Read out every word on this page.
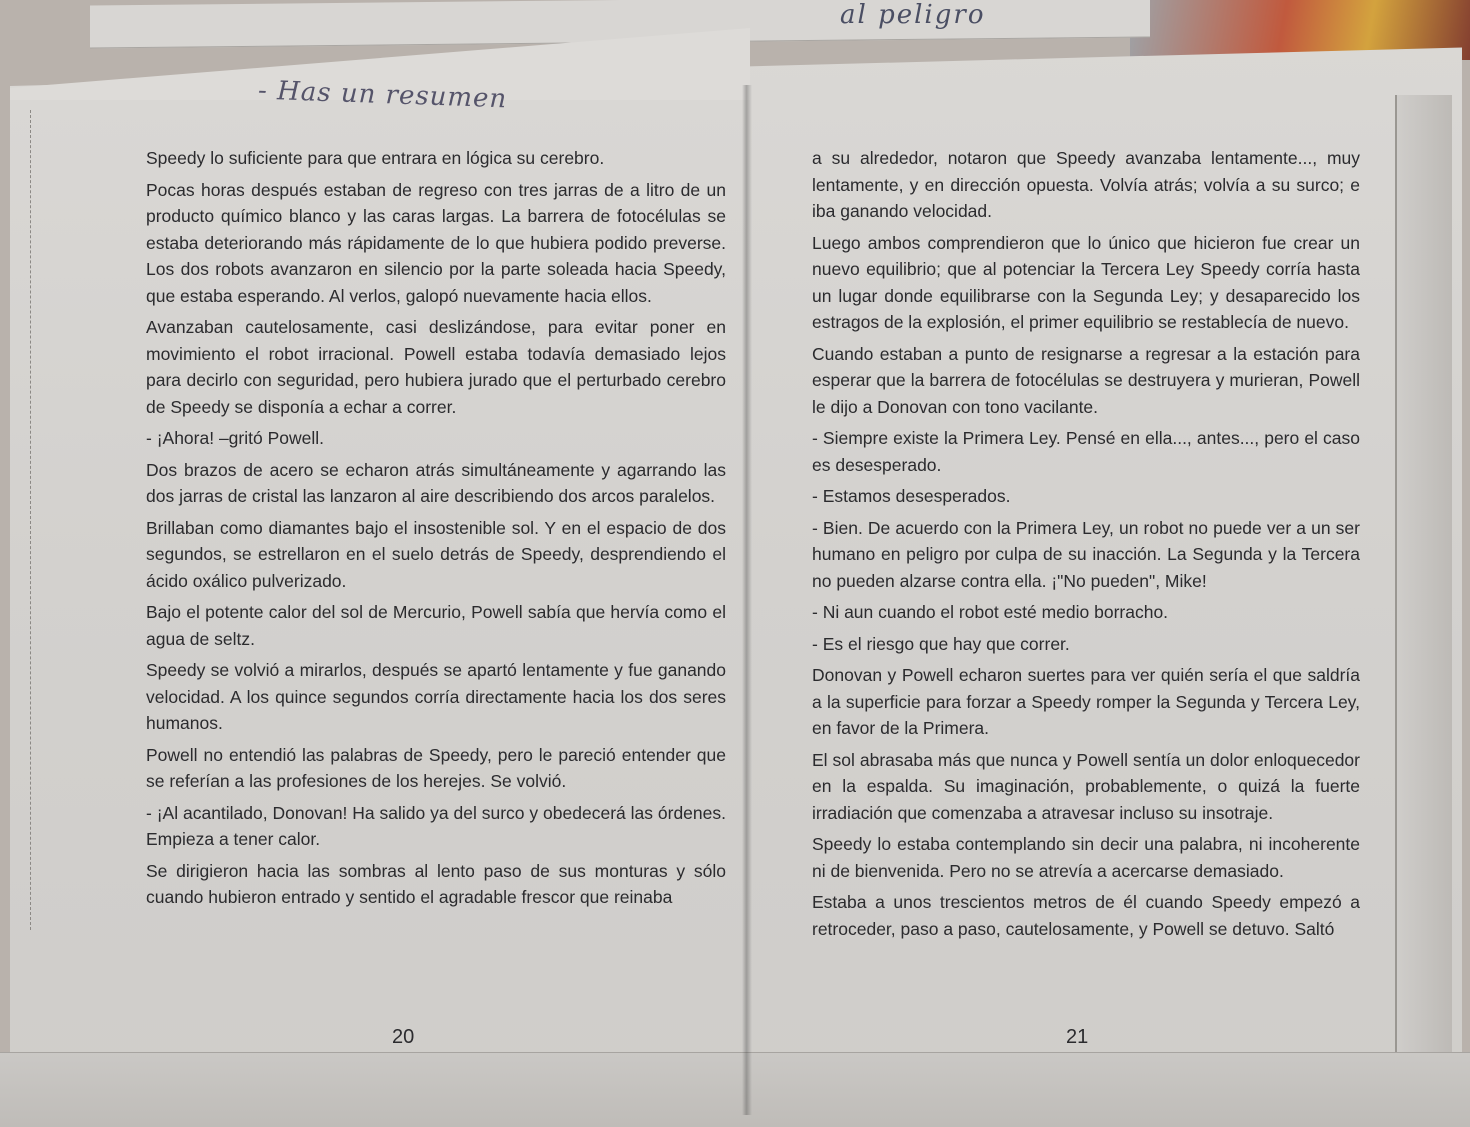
al peligro
- Has un resumen

Speedy lo suficiente para que entrara en lógica su cerebro.

Pocas horas después estaban de regreso con tres jarras de a litro de un producto químico blanco y las caras largas. La barrera de fotocélulas se estaba deteriorando más rápidamente de lo que hubiera podido preverse. Los dos robots avanzaron en silencio por la parte soleada hacia Speedy, que estaba esperando. Al verlos, galopó nuevamente hacia ellos.

Avanzaban cautelosamente, casi deslizándose, para evitar poner en movimiento el robot irracional. Powell estaba todavía demasiado lejos para decirlo con seguridad, pero hubiera jurado que el perturbado cerebro de Speedy se disponía a echar a correr.

- ¡Ahora! –gritó Powell.

Dos brazos de acero se echaron atrás simultáneamente y agarrando las dos jarras de cristal las lanzaron al aire describiendo dos arcos paralelos.

Brillaban como diamantes bajo el insostenible sol. Y en el espacio de dos segundos, se estrellaron en el suelo detrás de Speedy, desprendiendo el ácido oxálico pulverizado.

Bajo el potente calor del sol de Mercurio, Powell sabía que hervía como el agua de seltz.

Speedy se volvió a mirarlos, después se apartó lentamente y fue ganando velocidad. A los quince segundos corría directamente hacia los dos seres humanos.

Powell no entendió las palabras de Speedy, pero le pareció entender que se referían a las profesiones de los herejes. Se volvió.

- ¡Al acantilado, Donovan! Ha salido ya del surco y obedecerá las órdenes. Empieza a tener calor.

Se dirigieron hacia las sombras al lento paso de sus monturas y sólo cuando hubieron entrado y sentido el agradable frescor que reinaba

20

a su alrededor, notaron que Speedy avanzaba lentamente..., muy lentamente, y en dirección opuesta. Volvía atrás; volvía a su surco; e iba ganando velocidad.

Luego ambos comprendieron que lo único que hicieron fue crear un nuevo equilibrio; que al potenciar la Tercera Ley Speedy corría hasta un lugar donde equilibrarse con la Segunda Ley; y desaparecido los estragos de la explosión, el primer equilibrio se restablecía de nuevo.

Cuando estaban a punto de resignarse a regresar a la estación para esperar que la barrera de fotocélulas se destruyera y murieran, Powell le dijo a Donovan con tono vacilante.

- Siempre existe la Primera Ley. Pensé en ella..., antes..., pero el caso es desesperado.

- Estamos desesperados.

- Bien. De acuerdo con la Primera Ley, un robot no puede ver a un ser humano en peligro por culpa de su inacción. La Segunda y la Tercera no pueden alzarse contra ella. ¡"No pueden", Mike!

- Ni aun cuando el robot esté medio borracho.

- Es el riesgo que hay que correr.

Donovan y Powell echaron suertes para ver quién sería el que saldría a la superficie para forzar a Speedy romper la Segunda y Tercera Ley, en favor de la Primera.

El sol abrasaba más que nunca y Powell sentía un dolor enloquecedor en la espalda. Su imaginación, probablemente, o quizá la fuerte irradiación que comenzaba a atravesar incluso su insotraje.

Speedy lo estaba contemplando sin decir una palabra, ni incoherente ni de bienvenida. Pero no se atrevía a acercarse demasiado.

Estaba a unos trescientos metros de él cuando Speedy empezó a retroceder, paso a paso, cautelosamente, y Powell se detuvo. Saltó

21
